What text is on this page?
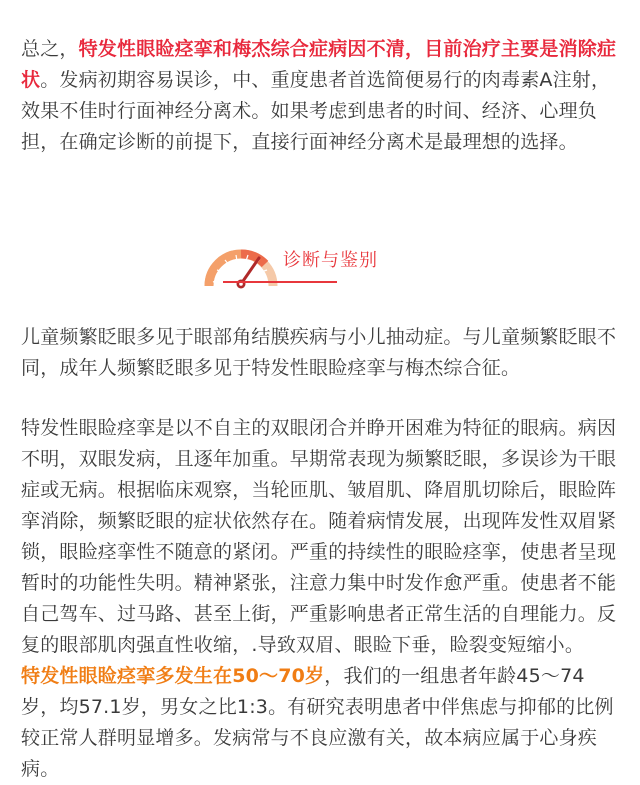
总之，特发性眼睑痉挛和梅杰综合症病因不清，目前治疗主要是消除症状。发病初期容易误诊，中、重度患者首选简便易行的肉毒素A注射，效果不佳时行面神经分离术。如果考虑到患者的时间、经济、心理负担，在确定诊断的前提下，直接行面神经分离术是最理想的选择。

儿童频繁眨眼多见于眼部角结膜疾病与小儿抽动症。与儿童频繁眨眼不同，成年人频繁眨眼多见于特发性眼睑痉挛与梅杰综合征。

特发性眼睑痉挛是以不自主的双眼闭合并睁开困难为特征的眼病。病因不明，双眼发病，且逐年加重。早期常表现为频繁眨眼，多误诊为干眼症或无病。根据临床观察，当轮匝肌、皱眉肌、降眉肌切除后，眼睑阵挛消除，频繁眨眼的症状依然存在。随着病情发展，出现阵发性双眉紧锁，眼睑痉挛性不随意的紧闭。严重的持续性的眼睑痉挛，使患者呈现暂时的功能性失明。精神紧张，注意力集中时发作愈严重。使患者不能自己驾车、过马路、甚至上街，严重影响患者正常生活的自理能力。反复的眼部肌肉强直性收缩，.导致双眉、眼睑下垂，睑裂变短缩小。
特发性眼睑痉挛多发生在50～70岁，我们的一组患者年龄45～74岁，均57.1岁，男女之比1:3。有研究表明患者中伴焦虑与抑郁的比例较正常人群明显增多。发病常与不良应激有关，故本病应属于心身疾病。

诊断与鉴别
